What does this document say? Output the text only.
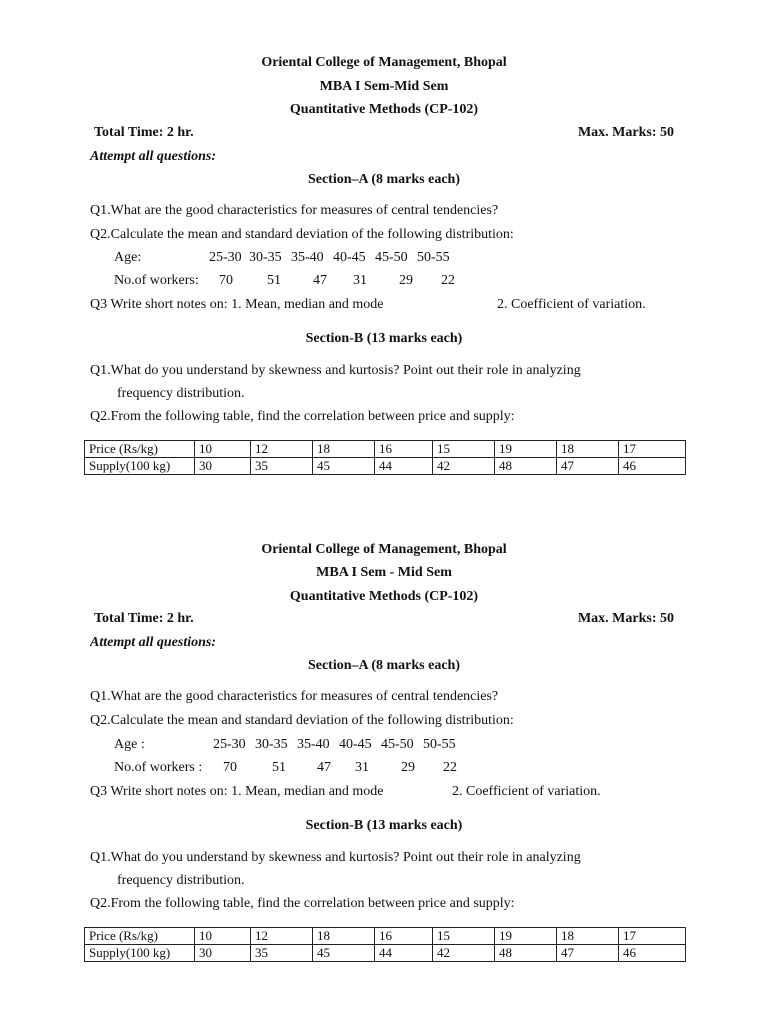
Oriental College of Management, Bhopal
MBA I Sem-Mid Sem
Quantitative Methods (CP-102)
Total Time: 2 hr.	Max. Marks: 50
Attempt all questions:
Section–A (8 marks each)
Q1.What are the good characteristics for measures of central tendencies?
Q2.Calculate the mean and standard deviation of the following distribution:
Age:	25-30 30-35 35-40 40-45 45-50 50-55
No.of workers: 70 51 47 31 29 22
Q3 Write short notes on: 1. Mean, median and mode	2. Coefficient of variation.
Section-B (13 marks each)
Q1.What do you understand by skewness and kurtosis? Point out their role in analyzing
frequency distribution.
Q2.From the following table, find the correlation between price and supply:
Price (Rs/kg)	10	12	18	16	15	19	18	17
Supply(100 kg)	30	35	45	44	42	48	47	46
Oriental College of Management, Bhopal
MBA I Sem - Mid Sem
Quantitative Methods (CP-102)
Total Time: 2 hr.	Max. Marks: 50
Attempt all questions:
Section–A (8 marks each)
Q1.What are the good characteristics for measures of central tendencies?
Q2.Calculate the mean and standard deviation of the following distribution:
Age :	25-30 30-35 35-40 40-45 45-50 50-55
No.of workers : 70	51 47 31 29 22
Q3 Write short notes on: 1. Mean, median and mode	2. Coefficient of variation.
Section-B (13 marks each)
Q1.What do you understand by skewness and kurtosis? Point out their role in analyzing
frequency distribution.
Q2.From the following table, find the correlation between price and supply:
Price (Rs/kg)	10	12	18	16	15	19	18	17
Supply(100 kg)	30	35	45	44	42	48	47	46
